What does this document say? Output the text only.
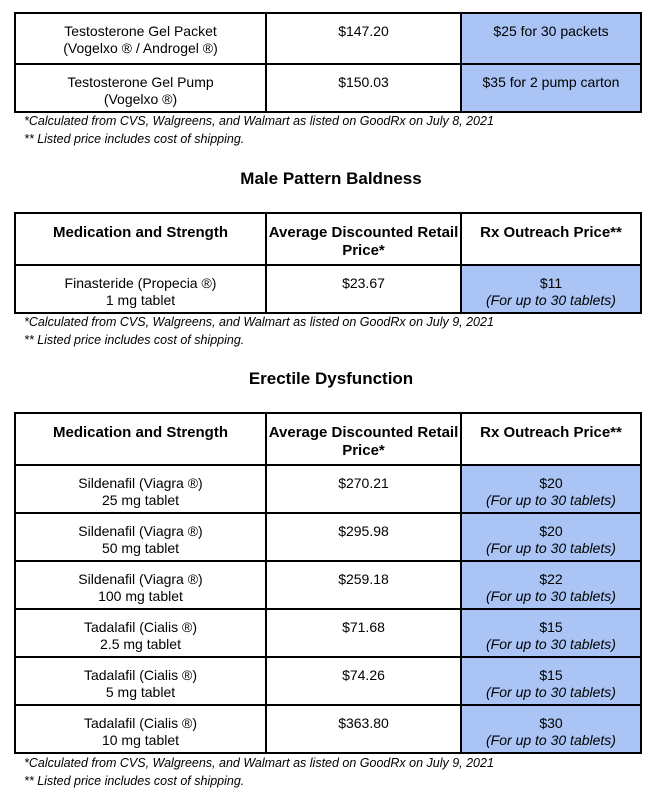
Testosterone Gel Packet
(Vogelxo ® / Androgel ®)	$147.20	$25 for 30 packets

Testosterone Gel Pump
(Vogelxo ®)	$150.03	$35 for 2 pump carton

*Calculated from CVS, Walgreens, and Walmart as listed on GoodRx on July 8, 2021

** Listed price includes cost of shipping.

Male Pattern Baldness
Medication and Strength	Average Discounted Retail Price*	Rx Outreach Price**

Finasteride (Propecia ®)
1 mg tablet	$23.67	$11
(For up to 30 tablets)

*Calculated from CVS, Walgreens, and Walmart as listed on GoodRx on July 9, 2021

** Listed price includes cost of shipping.

Erectile Dysfunction
Medication and Strength	Average Discounted Retail Price*	Rx Outreach Price**

Sildenafil (Viagra ®)
25 mg tablet	$270.21	$20
(For up to 30 tablets)

Sildenafil (Viagra ®)
50 mg tablet	$295.98	$20
(For up to 30 tablets)

Sildenafil (Viagra ®)
100 mg tablet	$259.18	$22
(For up to 30 tablets)

Tadalafil (Cialis ®)
2.5 mg tablet	$71.68	$15
(For up to 30 tablets)

Tadalafil (Cialis ®)
5 mg tablet	$74.26	$15
(For up to 30 tablets)

Tadalafil (Cialis ®)
10 mg tablet	$363.80	$30
(For up to 30 tablets)

*Calculated from CVS, Walgreens, and Walmart as listed on GoodRx on July 9, 2021

** Listed price includes cost of shipping.
